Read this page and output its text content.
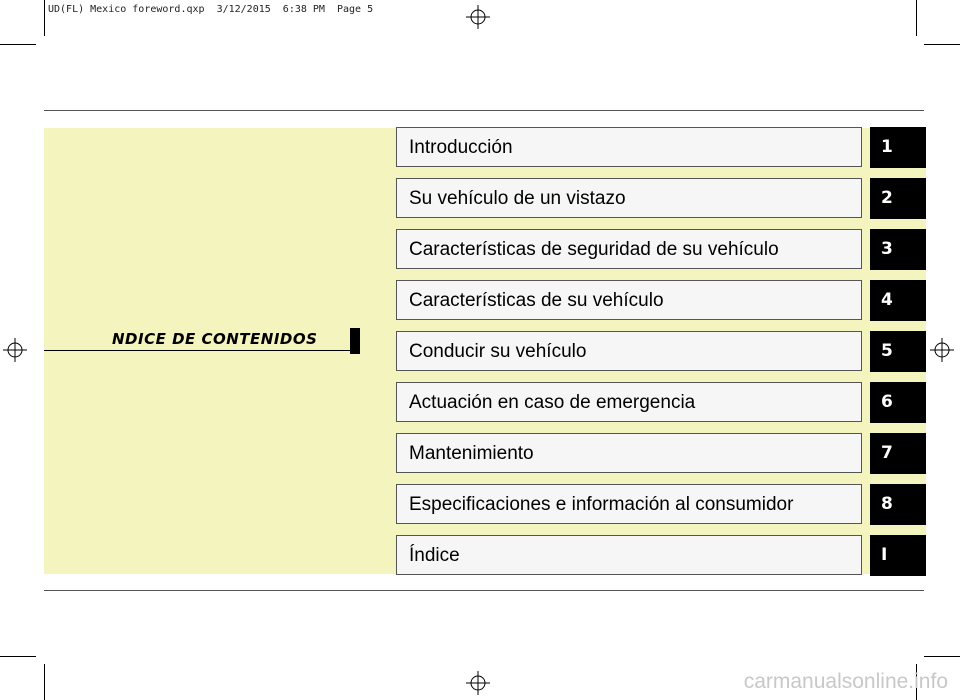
UD(FL) Mexico foreword.qxp  3/12/2015  6:38 PM  Page 5
NDICE DE CONTENIDOS
Introducción	1
Su vehículo de un vistazo	2
Características de seguridad de su vehículo	3
Características de su vehículo	4
Conducir su vehículo	5
Actuación en caso de emergencia	6
Mantenimiento	7
Especificaciones e información al consumidor	8
Índice	I
carmanualsonline.info
